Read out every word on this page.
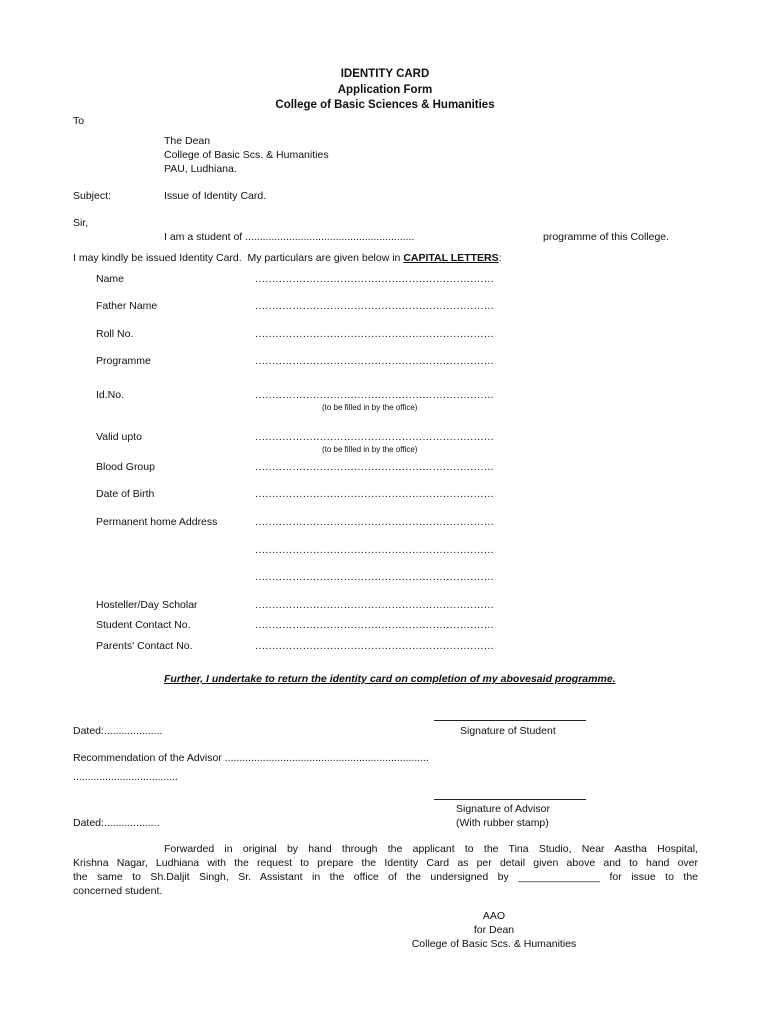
IDENTITY CARD
Application Form
College of Basic Sciences & Humanities
To
The Dean
College of Basic Scs. & Humanities
PAU, Ludhiana.
Subject:	Issue of Identity Card.
Sir,
I am a student of ..........................................................	programme of this College.
I may kindly be issued Identity Card.  My particulars are given below in CAPITAL LETTERS:
Name	......................................................................
Father Name	......................................................................
Roll No.	......................................................................
Programme	......................................................................
Id.No.	......................................................................
(to be filled in by the office)
Valid upto	......................................................................
(to be filled in by the office)
Blood Group	......................................................................
Date of Birth	......................................................................
Permanent home Address	......................................................................
......................................................................
......................................................................
Hosteller/Day Scholar	......................................................................
Student Contact No.	......................................................................
Parents' Contact No.	......................................................................
Further, I undertake to return the identity card on completion of my abovesaid programme.
Dated:....................	Signature of Student
Recommendation of the Advisor ......................................................................
....................................
Signature of Advisor
(With rubber stamp)
Dated:...................
Forwarded in original by hand through the applicant to the Tina Studio, Near Aastha Hospital,
Krishna Nagar, Ludhiana with the request to prepare the Identity Card as per detail given above and to hand over
the same to Sh.Daljit Singh, Sr. Assistant in the office of the undersigned by ______________ for issue to the
concerned student.
AAO
for Dean
College of Basic Scs. & Humanities
